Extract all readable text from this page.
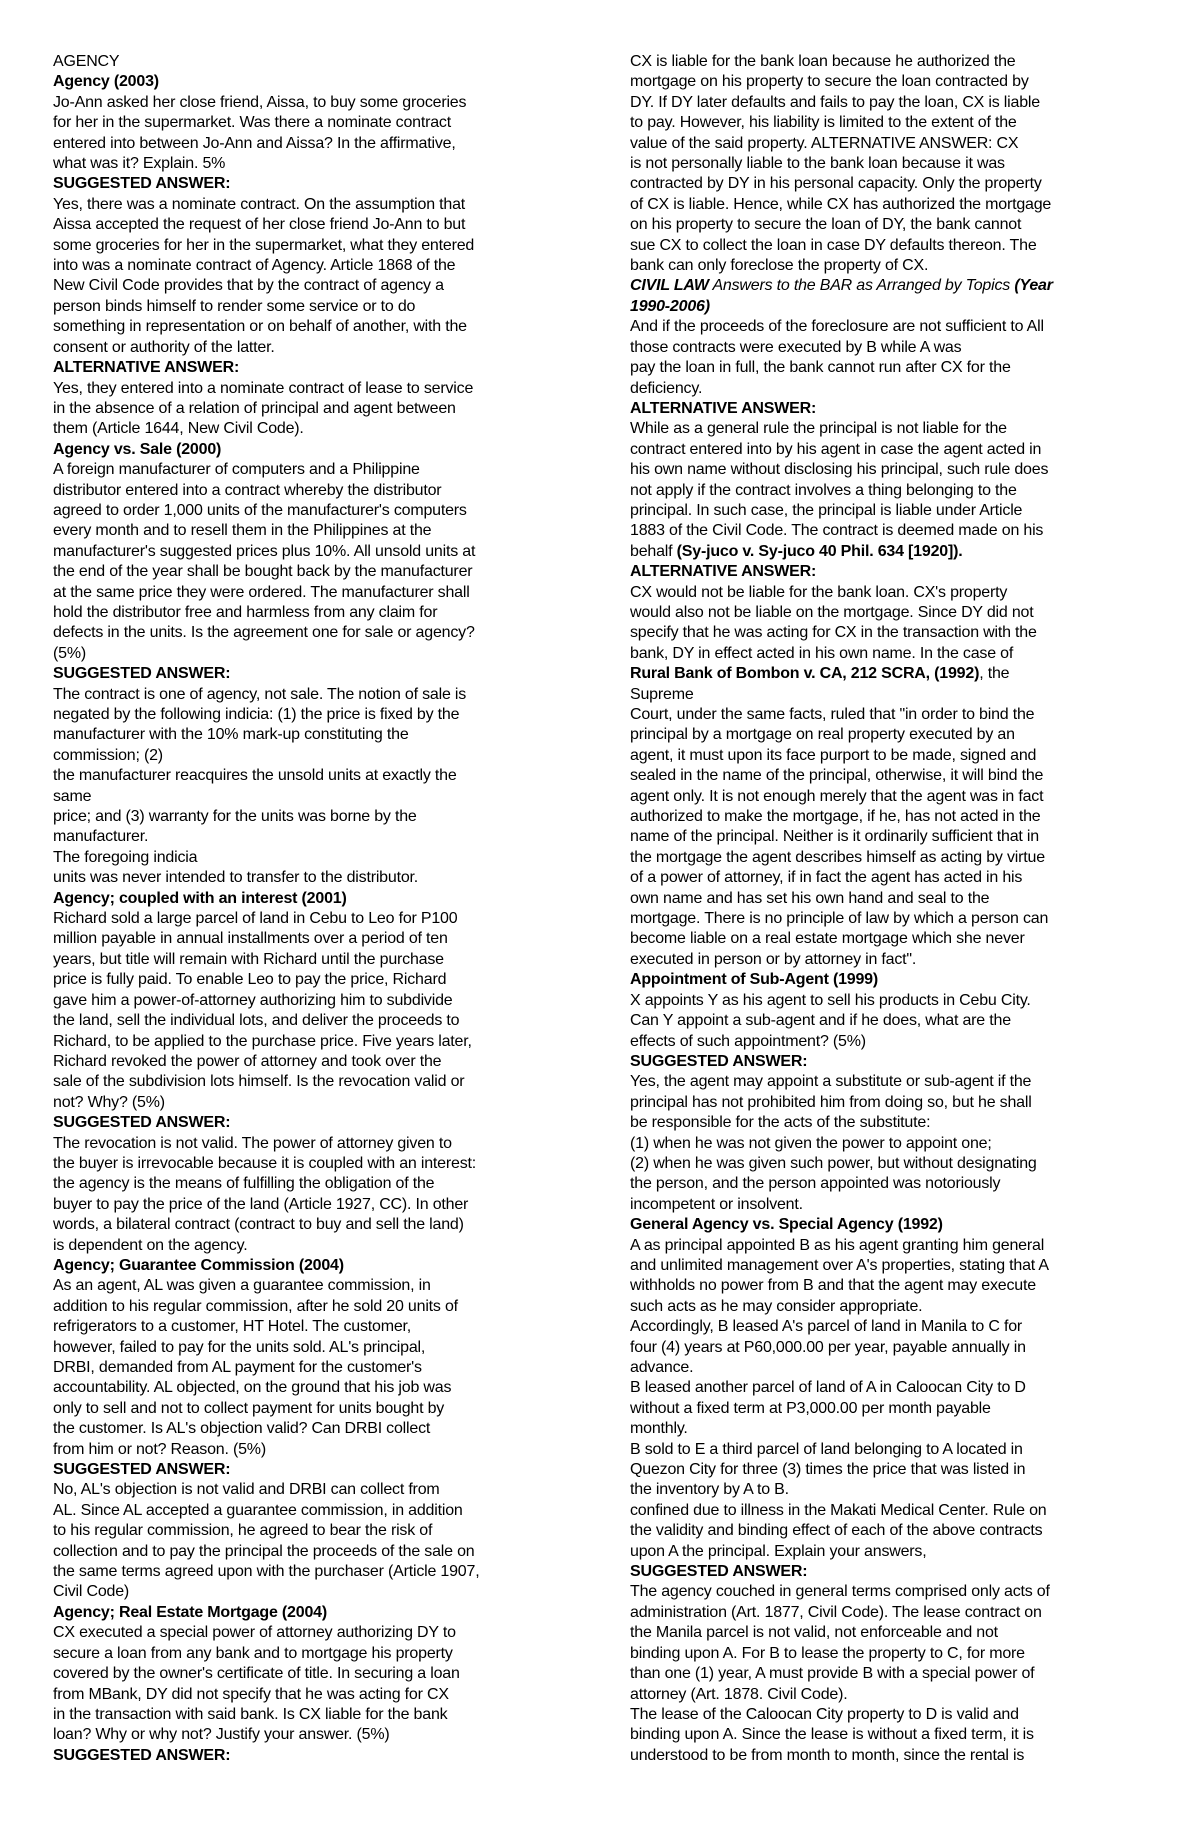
AGENCY
Agency (2003)
Jo-Ann asked her close friend, Aissa, to buy some groceries
for her in the supermarket. Was there a nominate contract
entered into between Jo-Ann and Aissa? In the affirmative,
what was it? Explain. 5%
SUGGESTED ANSWER:
Yes, there was a nominate contract. On the assumption that
Aissa accepted the request of her close friend Jo-Ann to but
some groceries for her in the supermarket, what they entered
into was a nominate contract of Agency. Article 1868 of the
New Civil Code provides that by the contract of agency a
person binds himself to render some service or to do
something in representation or on behalf of another, with the
consent or authority of the latter.
ALTERNATIVE ANSWER:
Yes, they entered into a nominate contract of lease to service
in the absence of a relation of principal and agent between
them (Article 1644, New Civil Code).
Agency vs. Sale (2000)
A foreign manufacturer of computers and a Philippine
distributor entered into a contract whereby the distributor
agreed to order 1,000 units of the manufacturer's computers
every month and to resell them in the Philippines at the
manufacturer's suggested prices plus 10%. All unsold units at
the end of the year shall be bought back by the manufacturer
at the same price they were ordered. The manufacturer shall
hold the distributor free and harmless from any claim for
defects in the units. Is the agreement one for sale or agency?
(5%)
SUGGESTED ANSWER:
The contract is one of agency, not sale. The notion of sale is
negated by the following indicia: (1) the price is fixed by the
manufacturer with the 10% mark-up constituting the
commission; (2)
the manufacturer reacquires the unsold units at exactly the
same
price; and (3) warranty for the units was borne by the
manufacturer.
The foregoing indicia
units was never intended to transfer to the distributor.
Agency; coupled with an interest (2001)
Richard sold a large parcel of land in Cebu to Leo for P100
million payable in annual installments over a period of ten
years, but title will remain with Richard until the purchase
price is fully paid. To enable Leo to pay the price, Richard
gave him a power-of-attorney authorizing him to subdivide
the land, sell the individual lots, and deliver the proceeds to
Richard, to be applied to the purchase price. Five years later,
Richard revoked the power of attorney and took over the
sale of the subdivision lots himself. Is the revocation valid or
not? Why? (5%)
SUGGESTED ANSWER:
The revocation is not valid. The power of attorney given to
the buyer is irrevocable because it is coupled with an interest:
the agency is the means of fulfilling the obligation of the
buyer to pay the price of the land (Article 1927, CC). In other
words, a bilateral contract (contract to buy and sell the land)
is dependent on the agency.
Agency; Guarantee Commission (2004)
As an agent, AL was given a guarantee commission, in
addition to his regular commission, after he sold 20 units of
refrigerators to a customer, HT Hotel. The customer,
however, failed to pay for the units sold. AL's principal,
DRBI, demanded from AL payment for the customer's
accountability. AL objected, on the ground that his job was
only to sell and not to collect payment for units bought by
the customer. Is AL's objection valid? Can DRBI collect
from him or not? Reason. (5%)
SUGGESTED ANSWER:
No, AL's objection is not valid and DRBI can collect from
AL. Since AL accepted a guarantee commission, in addition
to his regular commission, he agreed to bear the risk of
collection and to pay the principal the proceeds of the sale on
the same terms agreed upon with the purchaser (Article 1907,
Civil Code)
Agency; Real Estate Mortgage (2004)
CX executed a special power of attorney authorizing DY to
secure a loan from any bank and to mortgage his property
covered by the owner's certificate of title. In securing a loan
from MBank, DY did not specify that he was acting for CX
in the transaction with said bank. Is CX liable for the bank
loan? Why or why not? Justify your answer. (5%)
SUGGESTED ANSWER:
CX is liable for the bank loan because he authorized the
mortgage on his property to secure the loan contracted by
DY. If DY later defaults and fails to pay the loan, CX is liable
to pay. However, his liability is limited to the extent of the
value of the said property. ALTERNATIVE ANSWER: CX
is not personally liable to the bank loan because it was
contracted by DY in his personal capacity. Only the property
of CX is liable. Hence, while CX has authorized the mortgage
on his property to secure the loan of DY, the bank cannot
sue CX to collect the loan in case DY defaults thereon. The
bank can only foreclose the property of CX.
CIVIL LAW Answers to the BAR as Arranged by Topics (Year
1990-2006)
And if the proceeds of the foreclosure are not sufficient to All
those contracts were executed by B while A was
pay the loan in full, the bank cannot run after CX for the
deficiency.
ALTERNATIVE ANSWER:
While as a general rule the principal is not liable for the
contract entered into by his agent in case the agent acted in
his own name without disclosing his principal, such rule does
not apply if the contract involves a thing belonging to the
principal. In such case, the principal is liable under Article
1883 of the Civil Code. The contract is deemed made on his
behalf (Sy-juco v. Sy-juco 40 Phil. 634 [1920]).
ALTERNATIVE ANSWER:
CX would not be liable for the bank loan. CX's property
would also not be liable on the mortgage. Since DY did not
specify that he was acting for CX in the transaction with the
bank, DY in effect acted in his own name. In the case of
Rural Bank of Bombon v. CA, 212 SCRA, (1992), the
Supreme
Court, under the same facts, ruled that "in order to bind the
principal by a mortgage on real property executed by an
agent, it must upon its face purport to be made, signed and
sealed in the name of the principal, otherwise, it will bind the
agent only. It is not enough merely that the agent was in fact
authorized to make the mortgage, if he, has not acted in the
name of the principal. Neither is it ordinarily sufficient that in
the mortgage the agent describes himself as acting by virtue
of a power of attorney, if in fact the agent has acted in his
own name and has set his own hand and seal to the
mortgage. There is no principle of law by which a person can
become liable on a real estate mortgage which she never
executed in person or by attorney in fact".
Appointment of Sub-Agent (1999)
X appoints Y as his agent to sell his products in Cebu City.
Can Y appoint a sub-agent and if he does, what are the
effects of such appointment? (5%)
SUGGESTED ANSWER:
Yes, the agent may appoint a substitute or sub-agent if the
principal has not prohibited him from doing so, but he shall
be responsible for the acts of the substitute:
(1) when he was not given the power to appoint one;
(2) when he was given such power, but without designating
the person, and the person appointed was notoriously
incompetent or insolvent.
General Agency vs. Special Agency (1992)
A as principal appointed B as his agent granting him general
and unlimited management over A's properties, stating that A
withholds no power from B and that the agent may execute
such acts as he may consider appropriate.
Accordingly, B leased A's parcel of land in Manila to C for
four (4) years at P60,000.00 per year, payable annually in
advance.
B leased another parcel of land of A in Caloocan City to D
without a fixed term at P3,000.00 per month payable
monthly.
B sold to E a third parcel of land belonging to A located in
Quezon City for three (3) times the price that was listed in
the inventory by A to B.
confined due to illness in the Makati Medical Center. Rule on
the validity and binding effect of each of the above contracts
upon A the principal. Explain your answers,
SUGGESTED ANSWER:
The agency couched in general terms comprised only acts of
administration (Art. 1877, Civil Code). The lease contract on
the Manila parcel is not valid, not enforceable and not
binding upon A. For B to lease the property to C, for more
than one (1) year, A must provide B with a special power of
attorney (Art. 1878. Civil Code).
The lease of the Caloocan City property to D is valid and
binding upon A. Since the lease is without a fixed term, it is
understood to be from month to month, since the rental is
